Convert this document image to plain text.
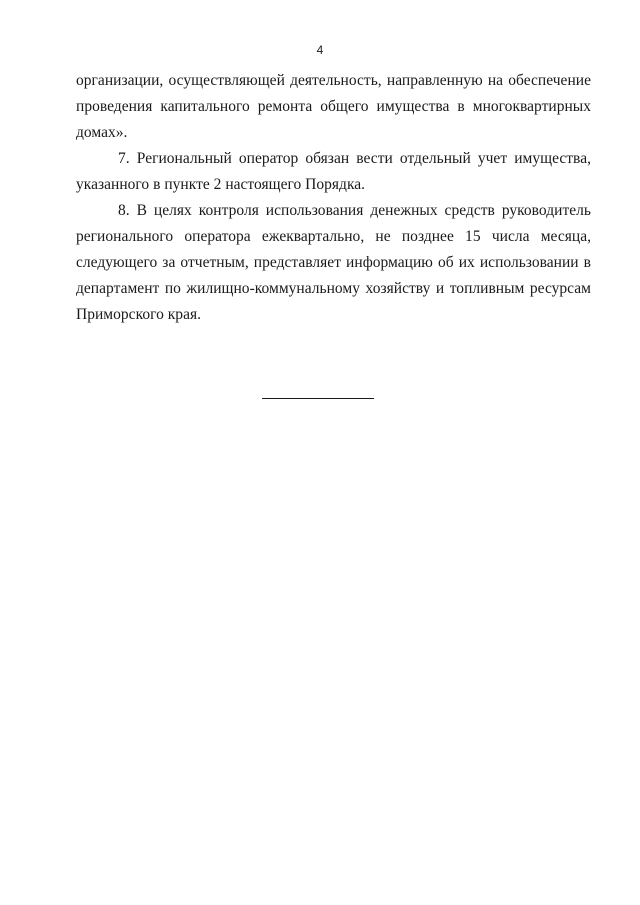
4
организации, осуществляющей деятельность, направленную на обеспечение
проведения капитального ремонта общего имущества в многоквартирных
домах».
7. Региональный оператор обязан вести отдельный учет имущества,
указанного в пункте 2 настоящего Порядка.
8. В целях контроля использования денежных средств руководитель
регионального оператора ежеквартально, не позднее 15 числа месяца,
следующего за отчетным, представляет информацию об их использовании в
департамент по жилищно-коммунальному хозяйству и топливным ресурсам
Приморского края.
